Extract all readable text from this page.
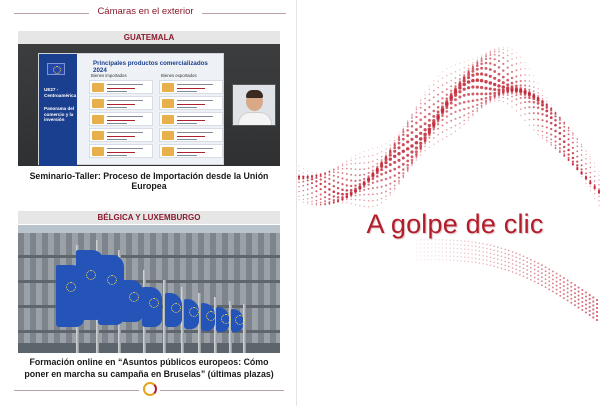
Cámaras en el exterior
GUATEMALA
UE27 - Centroamérica
Panorama del comercio y la inversión
Principales productos comercializados 2024
Bienes importados	Bienes exportados
Seminario-Taller: Proceso de Importación desde la Unión Europea
BÉLGICA Y LUXEMBURGO
Formación online en “Asuntos públicos europeos: Cómo poner en marcha su campaña en Bruselas” (últimas plazas)
A golpe de clic
